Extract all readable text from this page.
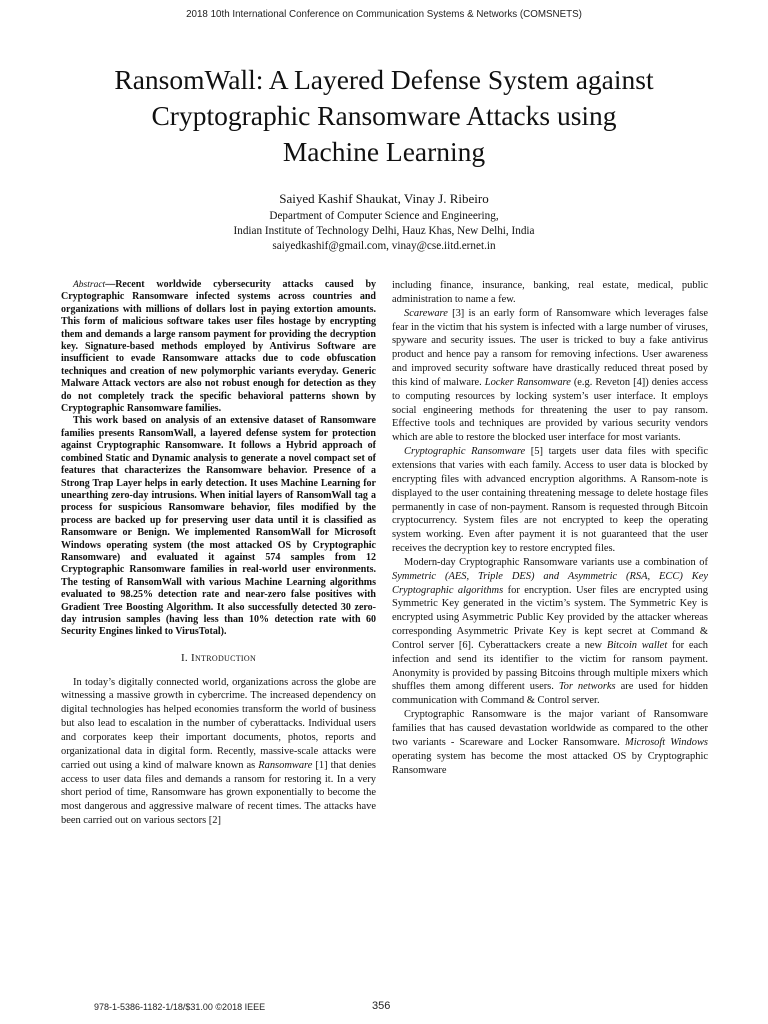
2018 10th International Conference on Communication Systems & Networks (COMSNETS)
RansomWall: A Layered Defense System against
Cryptographic Ransomware Attacks using
Machine Learning
Saiyed Kashif Shaukat, Vinay J. Ribeiro
Department of Computer Science and Engineering,
Indian Institute of Technology Delhi, Hauz Khas, New Delhi, India
saiyedkashif@gmail.com, vinay@cse.iitd.ernet.in

Abstract—Recent worldwide cybersecurity attacks caused by Cryptographic Ransomware infected systems across countries and organizations with millions of dollars lost in paying extortion amounts. This form of malicious software takes user files hostage by encrypting them and demands a large ransom payment for providing the decryption key. Signature-based methods employed by Antivirus Software are insufficient to evade Ransomware attacks due to code obfuscation techniques and creation of new polymorphic variants everyday. Generic Malware Attack vectors are also not robust enough for detection as they do not completely track the specific behavioral patterns shown by Cryptographic Ransomware families.

This work based on analysis of an extensive dataset of Ransomware families presents RansomWall, a layered defense system for protection against Cryptographic Ransomware. It follows a Hybrid approach of combined Static and Dynamic analysis to generate a novel compact set of features that characterizes the Ransomware behavior. Presence of a Strong Trap Layer helps in early detection. It uses Machine Learning for unearthing zero-day intrusions. When initial layers of RansomWall tag a process for suspicious Ransomware behavior, files modified by the process are backed up for preserving user data until it is classified as Ransomware or Benign. We implemented RansomWall for Microsoft Windows operating system (the most attacked OS by Cryptographic Ransomware) and evaluated it against 574 samples from 12 Cryptographic Ransomware families in real-world user environments. The testing of RansomWall with various Machine Learning algorithms evaluated to 98.25% detection rate and near-zero false positives with Gradient Tree Boosting Algorithm. It also successfully detected 30 zero-day intrusion samples (having less than 10% detection rate with 60 Security Engines linked to VirusTotal).

I. Introduction

In today’s digitally connected world, organizations across the globe are witnessing a massive growth in cybercrime. The increased dependency on digital technologies has helped economies transform the world of business but also lead to escalation in the number of cyberattacks. Individual users and corporates keep their important documents, photos, reports and organizational data in digital form. Recently, massive-scale attacks were carried out using a kind of malware known as Ransomware [1] that denies access to user data files and demands a ransom for restoring it. In a very short period of time, Ransomware has grown exponentially to become the most dangerous and aggressive malware of recent times. The attacks have been carried out on various sectors [2]

including finance, insurance, banking, real estate, medical, public administration to name a few.

Scareware [3] is an early form of Ransomware which leverages false fear in the victim that his system is infected with a large number of viruses, spyware and security issues. The user is tricked to buy a fake antivirus product and hence pay a ransom for removing infections. User awareness and improved security software have drastically reduced threat posed by this kind of malware. Locker Ransomware (e.g. Reveton [4]) denies access to computing resources by locking system’s user interface. It employs social engineering methods for threatening the user to pay ransom. Effective tools and techniques are provided by various security vendors which are able to restore the blocked user interface for most variants.

Cryptographic Ransomware [5] targets user data files with specific extensions that varies with each family. Access to user data is blocked by encrypting files with advanced encryption algorithms. A Ransom-note is displayed to the user containing threatening message to delete hostage files permanently in case of non-payment. Ransom is requested through Bitcoin cryptocurrency. System files are not encrypted to keep the operating system working. Even after payment it is not guaranteed that the user receives the decryption key to restore encrypted files.

Modern-day Cryptographic Ransomware variants use a combination of Symmetric (AES, Triple DES) and Asymmetric (RSA, ECC) Key Cryptographic algorithms for encryption. User files are encrypted using Symmetric Key generated in the victim’s system. The Symmetric Key is encrypted using Asymmetric Public Key provided by the attacker whereas corresponding Asymmetric Private Key is kept secret at Command & Control server [6]. Cyberattackers create a new Bitcoin wallet for each infection and send its identifier to the victim for ransom payment. Anonymity is provided by passing Bitcoins through multiple mixers which shuffles them among different users. Tor networks are used for hidden communication with Command & Control server.

Cryptographic Ransomware is the major variant of Ransomware families that has caused devastation worldwide as compared to the other two variants - Scareware and Locker Ransomware. Microsoft Windows operating system has become the most attacked OS by Cryptographic Ransomware

978-1-5386-1182-1/18/$31.00 ©2018 IEEE	356
